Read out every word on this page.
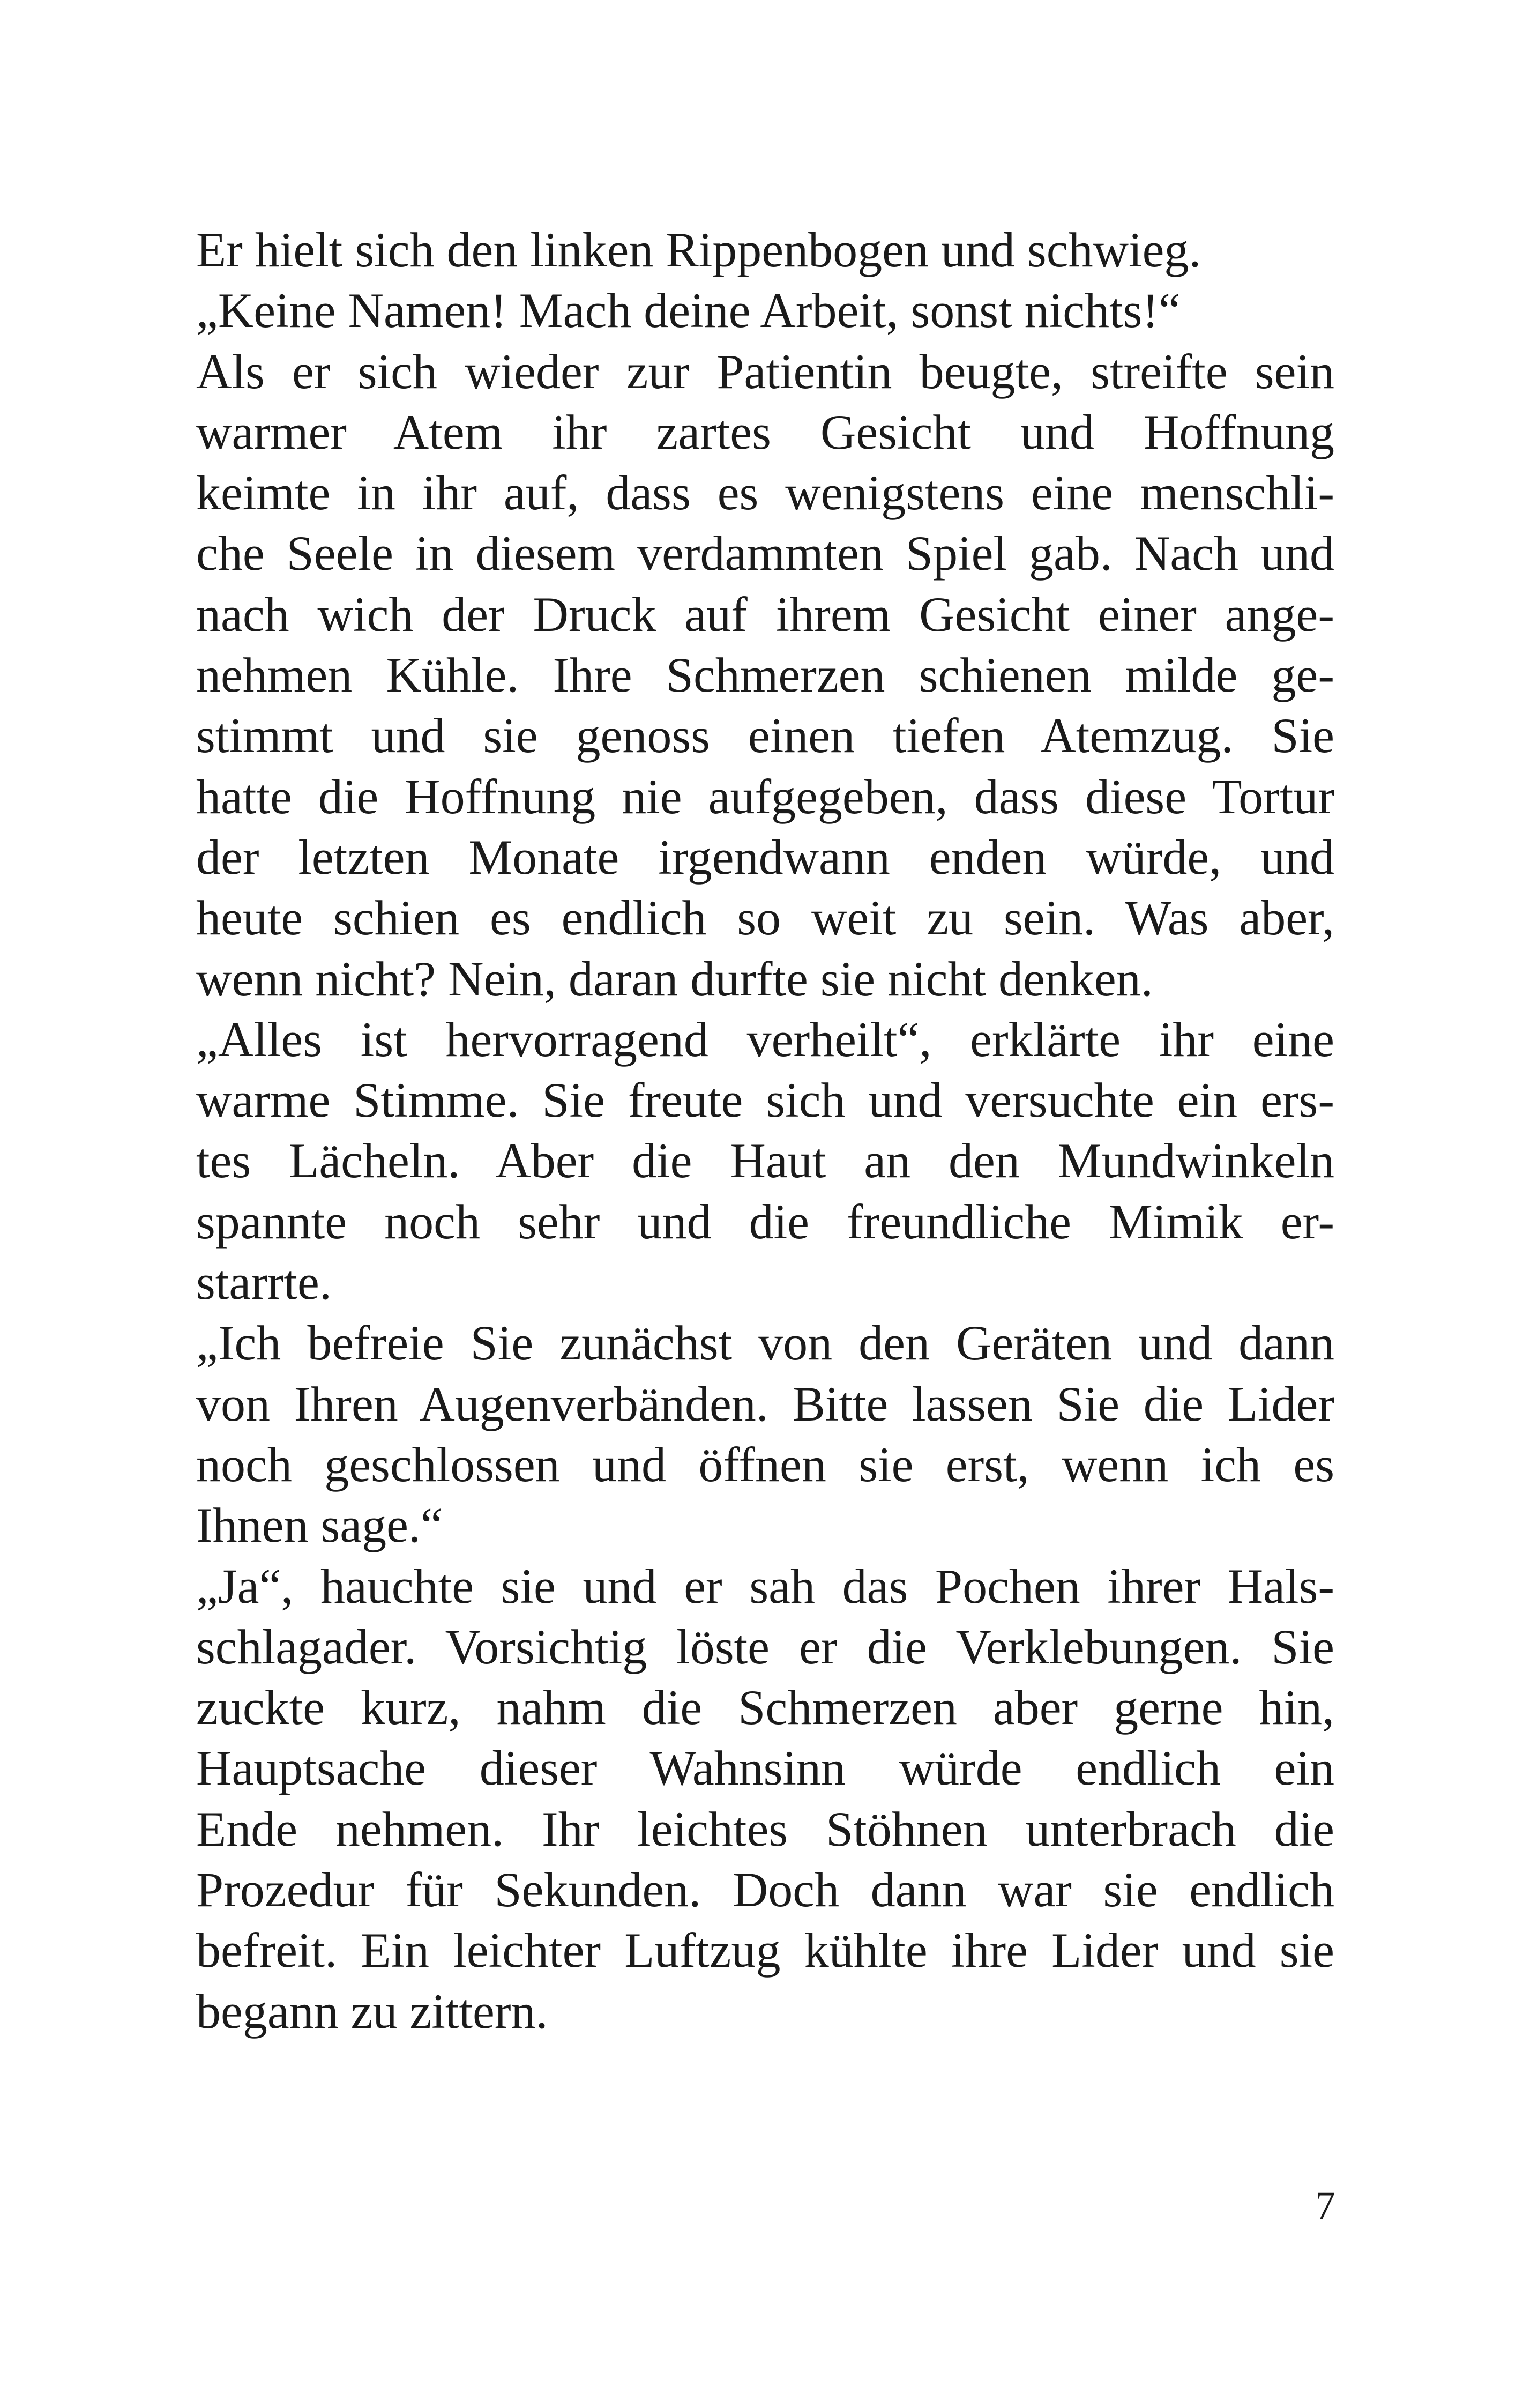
Er hielt sich den linken Rippenbogen und schwieg.
„Keine Namen! Mach deine Arbeit, sonst nichts!“
Als er sich wieder zur Patientin beugte, streifte sein
warmer Atem ihr zartes Gesicht und Hoffnung
keimte in ihr auf, dass es wenigstens eine menschli-
che Seele in diesem verdammten Spiel gab. Nach und
nach wich der Druck auf ihrem Gesicht einer ange-
nehmen Kühle. Ihre Schmerzen schienen milde ge-
stimmt und sie genoss einen tiefen Atemzug. Sie
hatte die Hoffnung nie aufgegeben, dass diese Tortur
der letzten Monate irgendwann enden würde, und
heute schien es endlich so weit zu sein. Was aber,
wenn nicht? Nein, daran durfte sie nicht denken.
„Alles ist hervorragend verheilt“, erklärte ihr eine
warme Stimme. Sie freute sich und versuchte ein ers-
tes Lächeln. Aber die Haut an den Mundwinkeln
spannte noch sehr und die freundliche Mimik er-
starrte.
„Ich befreie Sie zunächst von den Geräten und dann
von Ihren Augenverbänden. Bitte lassen Sie die Lider
noch geschlossen und öffnen sie erst, wenn ich es
Ihnen sage.“
„Ja“, hauchte sie und er sah das Pochen ihrer Hals-
schlagader. Vorsichtig löste er die Verklebungen. Sie
zuckte kurz, nahm die Schmerzen aber gerne hin,
Hauptsache dieser Wahnsinn würde endlich ein
Ende nehmen. Ihr leichtes Stöhnen unterbrach die
Prozedur für Sekunden. Doch dann war sie endlich
befreit. Ein leichter Luftzug kühlte ihre Lider und sie
begann zu zittern.
7
